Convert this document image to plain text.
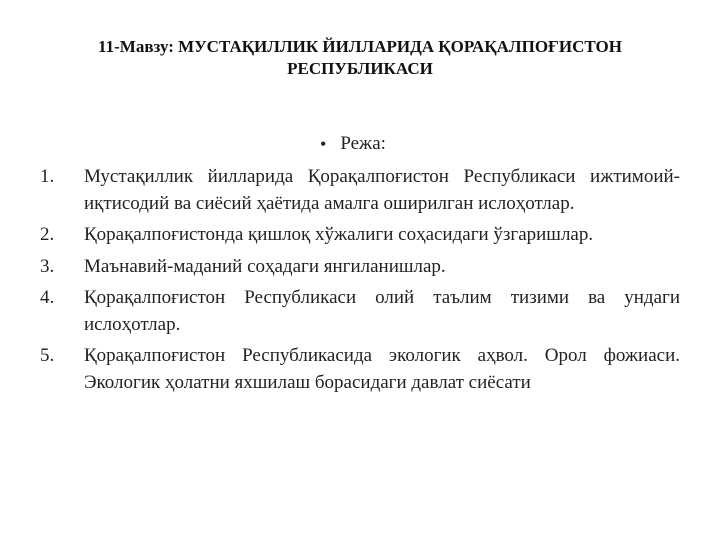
11-Мавзу: МУСТАҚИЛЛИК ЙИЛЛАРИДА ҚОРАҚАЛПОҒИСТОН
РЕСПУБЛИКАСИ
• Режа:
1. Мустақиллик йилларида Қорақалпоғистон Республикаси ижтимоий-иқтисодий ва сиёсий ҳаётида амалга оширилган ислоҳотлар.
2. Қорақалпоғистонда қишлоқ хўжалиги соҳасидаги ўзгаришлар.
3. Маънавий-маданий соҳадаги янгиланишлар.
4. Қорақалпоғистон Республикаси олий таълим тизими ва ундаги ислоҳотлар.
5. Қорақалпоғистон Республикасида экологик аҳвол. Орол фожиаси. Экологик ҳолатни яхшилаш борасидаги давлат сиёсати
